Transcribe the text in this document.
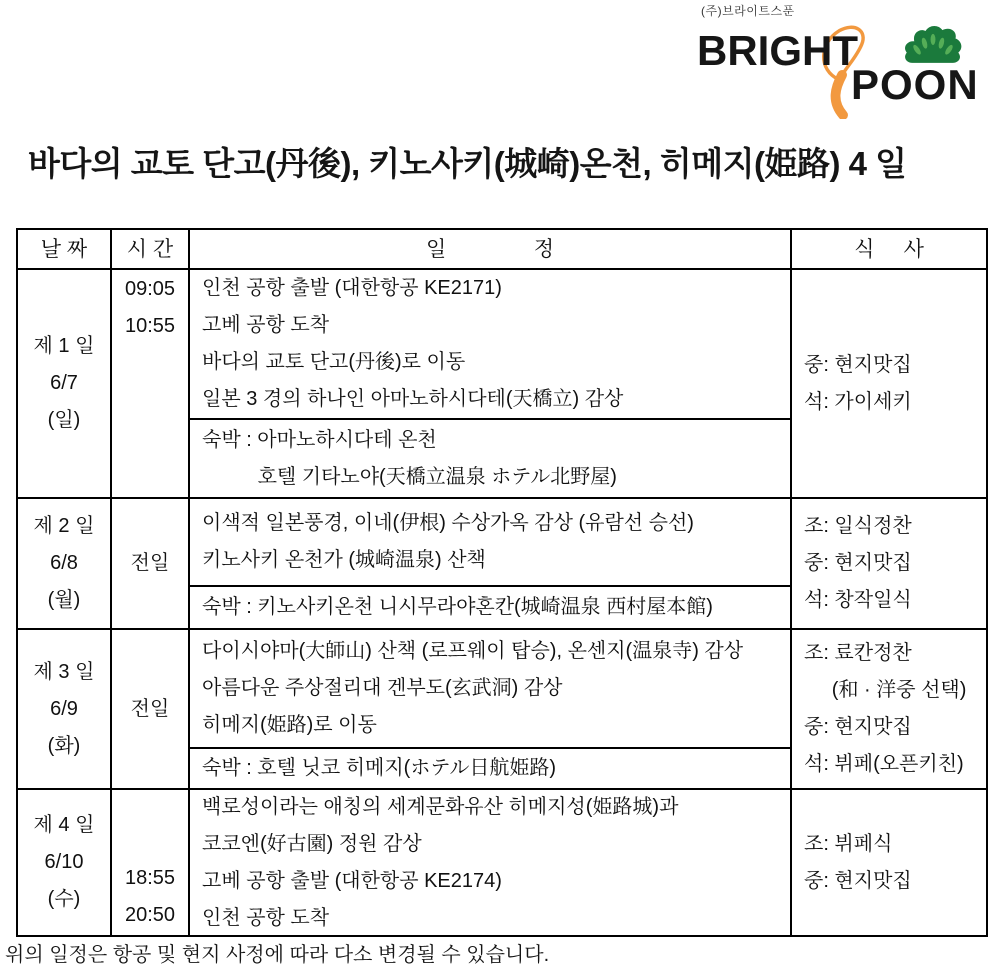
(주)브라이트스푼
BRIGHT
POON
바다의 교토 단고(丹後), 키노사키(城崎)온천, 히메지(姫路) 4 일
날 짜 시 간	일               정	식     사
제 1 일
6/7
(일)
09:05
10:55
인천 공항 출발 (대한항공 KE2171)
고베 공항 도착
바다의 교토 단고(丹後)로 이동
일본 3 경의 하나인 아마노하시다테(天橋立) 감상
숙박 : 아마노하시다테 온천
호텔 기타노야(天橋立温泉 ホテル北野屋)
중: 현지맛집
석: 가이세키
제 2 일
6/8
(월)
전일
이색적 일본풍경, 이네(伊根) 수상가옥 감상 (유람선 승선)
키노사키 온천가 (城崎温泉) 산책
숙박 : 키노사키온천 니시무라야혼칸(城崎温泉 西村屋本館)
조: 일식정찬
중: 현지맛집
석: 창작일식
제 3 일
6/9
(화)
전일
다이시야마(大師山) 산책 (로프웨이 탑승), 온센지(温泉寺) 감상
아름다운 주상절리대 겐부도(玄武洞) 감상
히메지(姫路)로 이동
숙박 : 호텔 닛코 히메지(ホテル日航姫路)
조: 료칸정찬
(和 · 洋중 선택)
중: 현지맛집
석: 뷔페(오픈키친)
제 4 일
6/10
(수)
18:55
20:50
백로성이라는 애칭의 세계문화유산 히메지성(姫路城)과
코코엔(好古園) 정원 감상
고베 공항 출발 (대한항공 KE2174)
인천 공항 도착
조: 뷔페식
중: 현지맛집
위의 일정은 항공 및 현지 사정에 따라 다소 변경될 수 있습니다.
